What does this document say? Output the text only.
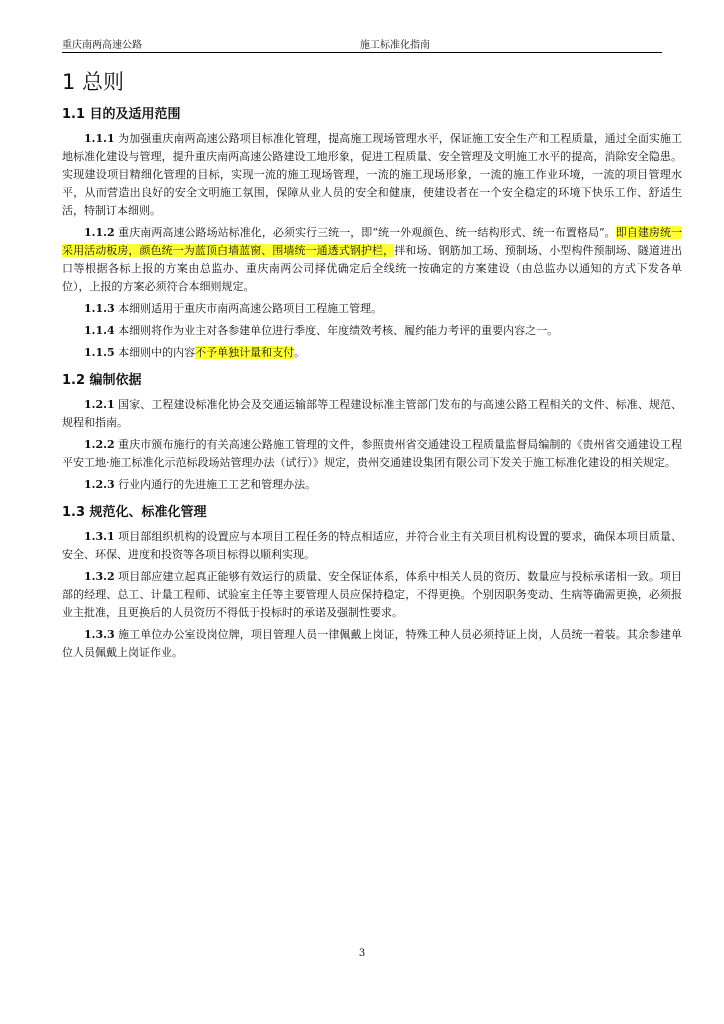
重庆南两高速公路	施工标准化指南
1 总则
1.1 目的及适用范围

1.1.1 为加强重庆南两高速公路项目标准化管理，提高施工现场管理水平，保证施工安全生产和工程质量，通过全面实施工地标准化建设与管理，提升重庆南两高速公路建设工地形象，促进工程质量、安全管理及文明施工水平的提高，消除安全隐患。实现建设项目精细化管理的目标，实现一流的施工现场管理，一流的施工现场形象，一流的施工作业环境，一流的项目管理水平，从而营造出良好的安全文明施工氛围，保障从业人员的安全和健康，使建设者在一个安全稳定的环境下快乐工作、舒适生活，特制订本细则。

1.1.2 重庆南两高速公路场站标准化，必须实行三统一，即“统一外观颜色、统一结构形式、统一布置格局”。即自建房统一采用活动板房，颜色统一为蓝顶白墙蓝窗、围墙统一通透式钢护栏，拌和场、钢筋加工场、预制场、小型构件预制场、隧道进出口等根据各标上报的方案由总监办、重庆南两公司择优确定后全线统一按确定的方案建设（由总监办以通知的方式下发各单位），上报的方案必须符合本细则规定。

1.1.3 本细则适用于重庆市南两高速公路项目工程施工管理。

1.1.4 本细则将作为业主对各参建单位进行季度、年度绩效考核、履约能力考评的重要内容之一。

1.1.5 本细则中的内容不予单独计量和支付。

1.2 编制依据

1.2.1 国家、工程建设标准化协会及交通运输部等工程建设标准主管部门发布的与高速公路工程相关的文件、标准、规范、规程和指南。

1.2.2 重庆市颁布施行的有关高速公路施工管理的文件，参照贵州省交通建设工程质量监督局编制的《贵州省交通建设工程平安工地·施工标准化示范标段场站管理办法（试行）》规定，贵州交通建设集团有限公司下发关于施工标准化建设的相关规定。

1.2.3 行业内通行的先进施工工艺和管理办法。

1.3 规范化、标准化管理

1.3.1 项目部组织机构的设置应与本项目工程任务的特点相适应，并符合业主有关项目机构设置的要求，确保本项目质量、安全、环保、进度和投资等各项目标得以顺利实现。

1.3.2 项目部应建立起真正能够有效运行的质量、安全保证体系，体系中相关人员的资历、数量应与投标承诺相一致。项目部的经理、总工、计量工程师、试验室主任等主要管理人员应保持稳定，不得更换。个别因职务变动、生病等确需更换，必须报业主批准，且更换后的人员资历不得低于投标时的承诺及强制性要求。

1.3.3 施工单位办公室设岗位牌，项目管理人员一律佩戴上岗证，特殊工种人员必须持证上岗，人员统一着装。其余参建单位人员佩戴上岗证作业。

3
